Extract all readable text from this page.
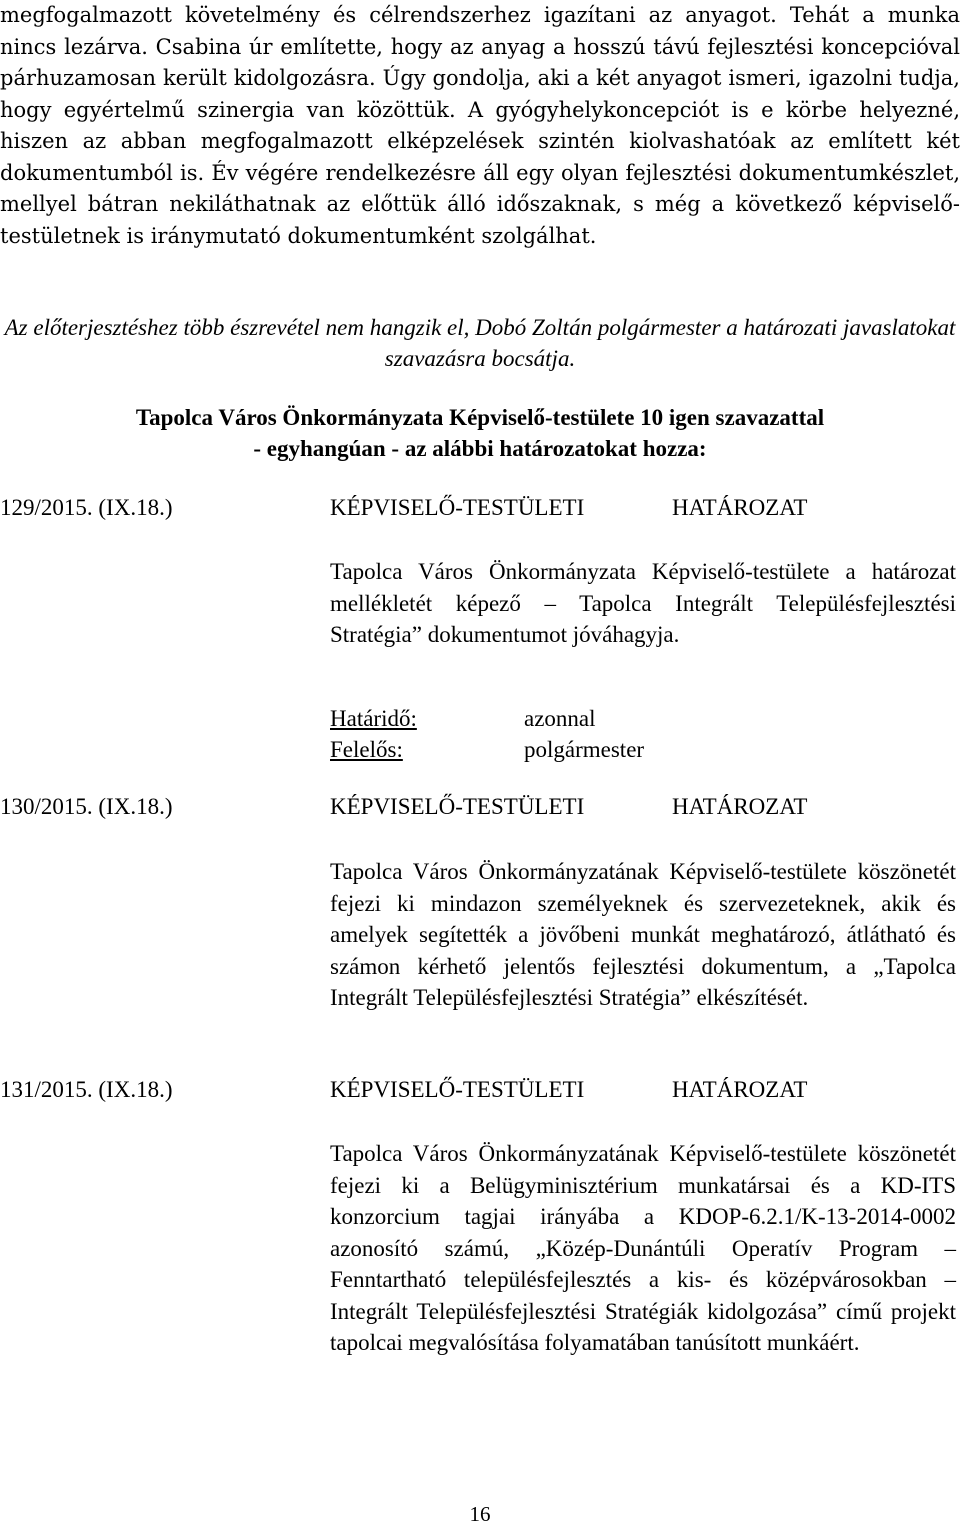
megfogalmazott követelmény és célrendszerhez igazítani az anyagot. Tehát a munka nincs lezárva. Csabina úr említette, hogy az anyag a hosszú távú fejlesztési koncepcióval párhuzamosan került kidolgozásra. Úgy gondolja, aki a két anyagot ismeri, igazolni tudja, hogy egyértelmű szinergia van közöttük. A gyógyhelykoncepciót is e körbe helyezné, hiszen az abban megfogalmazott elképzelések szintén kiolvashatóak az említett két dokumentumból is. Év végére rendelkezésre áll egy olyan fejlesztési dokumentumkészlet, mellyel bátran nekiláthatnak az előttük álló időszaknak, s még a következő képviselő-testületnek is iránymutató dokumentumként szolgálhat.

Az előterjesztéshez több észrevétel nem hangzik el, Dobó Zoltán polgármester a határozati javaslatokat szavazásra bocsátja.

Tapolca Város Önkormányzata Képviselő-testülete 10 igen szavazattal
- egyhangúan - az alábbi határozatokat hozza:
129/2015. (IX.18.)	KÉPVISELŐ-TESTÜLETI	HATÁROZAT

Tapolca Város Önkormányzata Képviselő-testülete a határozat mellékletét képező – Tapolca Integrált Településfejlesztési Stratégia” dokumentumot jóváhagyja.

Határidő:	azonnal
Felelős:	polgármester
130/2015. (IX.18.)	KÉPVISELŐ-TESTÜLETI	HATÁROZAT

Tapolca Város Önkormányzatának Képviselő-testülete köszönetét fejezi ki mindazon személyeknek és szervezeteknek, akik és amelyek segítették a jövőbeni munkát meghatározó, átlátható és számon kérhető jelentős fejlesztési dokumentum, a „Tapolca Integrált Településfejlesztési Stratégia” elkészítését.

131/2015. (IX.18.)	KÉPVISELŐ-TESTÜLETI	HATÁROZAT

Tapolca Város Önkormányzatának Képviselő-testülete köszönetét fejezi ki a Belügyminisztérium munkatársai és a KD-ITS konzorcium tagjai irányába a KDOP-6.2.1/K-13-2014-0002 azonosító számú, „Közép-Dunántúli Operatív Program – Fenntartható településfejlesztés a kis- és középvárosokban – Integrált Településfejlesztési Stratégiák kidolgozása” című projekt tapolcai megvalósítása folyamatában tanúsított munkáért.

16
